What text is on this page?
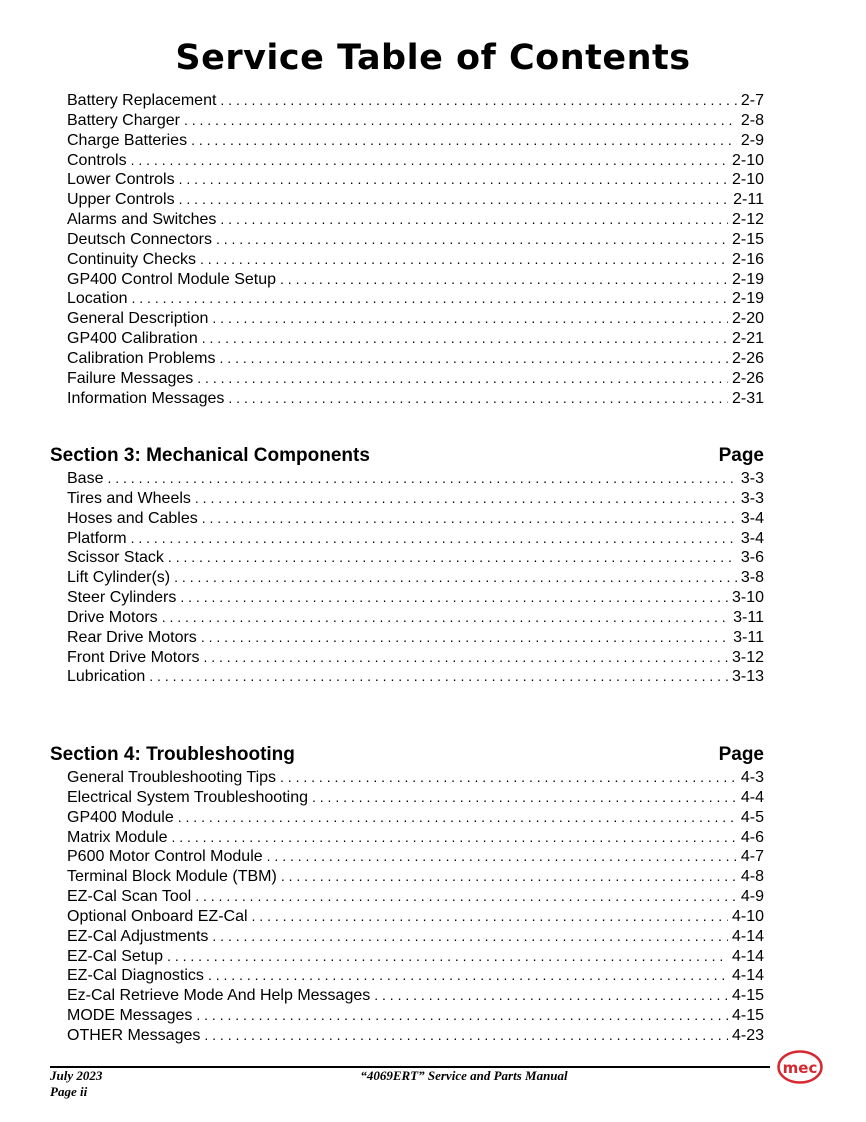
Service Table of Contents
Battery Replacement . . .	2-7
Battery Charger . . .	2-8
Charge Batteries . . .	2-9
Controls . . .	2-10
Lower Controls . . .	2-10
Upper Controls . . .	2-11
Alarms and Switches . . .	2-12
Deutsch Connectors . . .	2-15
Continuity Checks . . .	2-16
GP400 Control Module Setup . . .	2-19
Location . . .	2-19
General Description . . .	2-20
GP400 Calibration . . .	2-21
Calibration Problems . . .	2-26
Failure Messages . . .	2-26
Information Messages . . .	2-31
Section 3: Mechanical Components	Page
Base . . .	3-3
Tires and Wheels . . .	3-3
Hoses and Cables . . .	3-4
Platform . . .	3-4
Scissor Stack . . .	3-6
Lift Cylinder(s) . . .	3-8
Steer Cylinders . . .	3-10
Drive Motors . . .	3-11
Rear Drive Motors . . .	3-11
Front Drive Motors . . .	3-12
Lubrication . . .	3-13
Section 4: Troubleshooting	Page
General Troubleshooting Tips . . .	4-3
Electrical System Troubleshooting . . .	4-4
GP400 Module . . .	4-5
Matrix Module . . .	4-6
P600 Motor Control Module . . .	4-7
Terminal Block Module (TBM) . . .	4-8
EZ-Cal Scan Tool . . .	4-9
Optional Onboard EZ-Cal . . .	4-10
EZ-Cal Adjustments . . .	4-14
EZ-Cal Setup . . .	4-14
EZ-Cal Diagnostics . . .	4-14
Ez-Cal Retrieve Mode And Help Messages . . .	4-15
MODE Messages . . .	4-15
OTHER Messages . . .	4-23
July 2023
Page ii
“4069ERT” Service and Parts Manual	mec
